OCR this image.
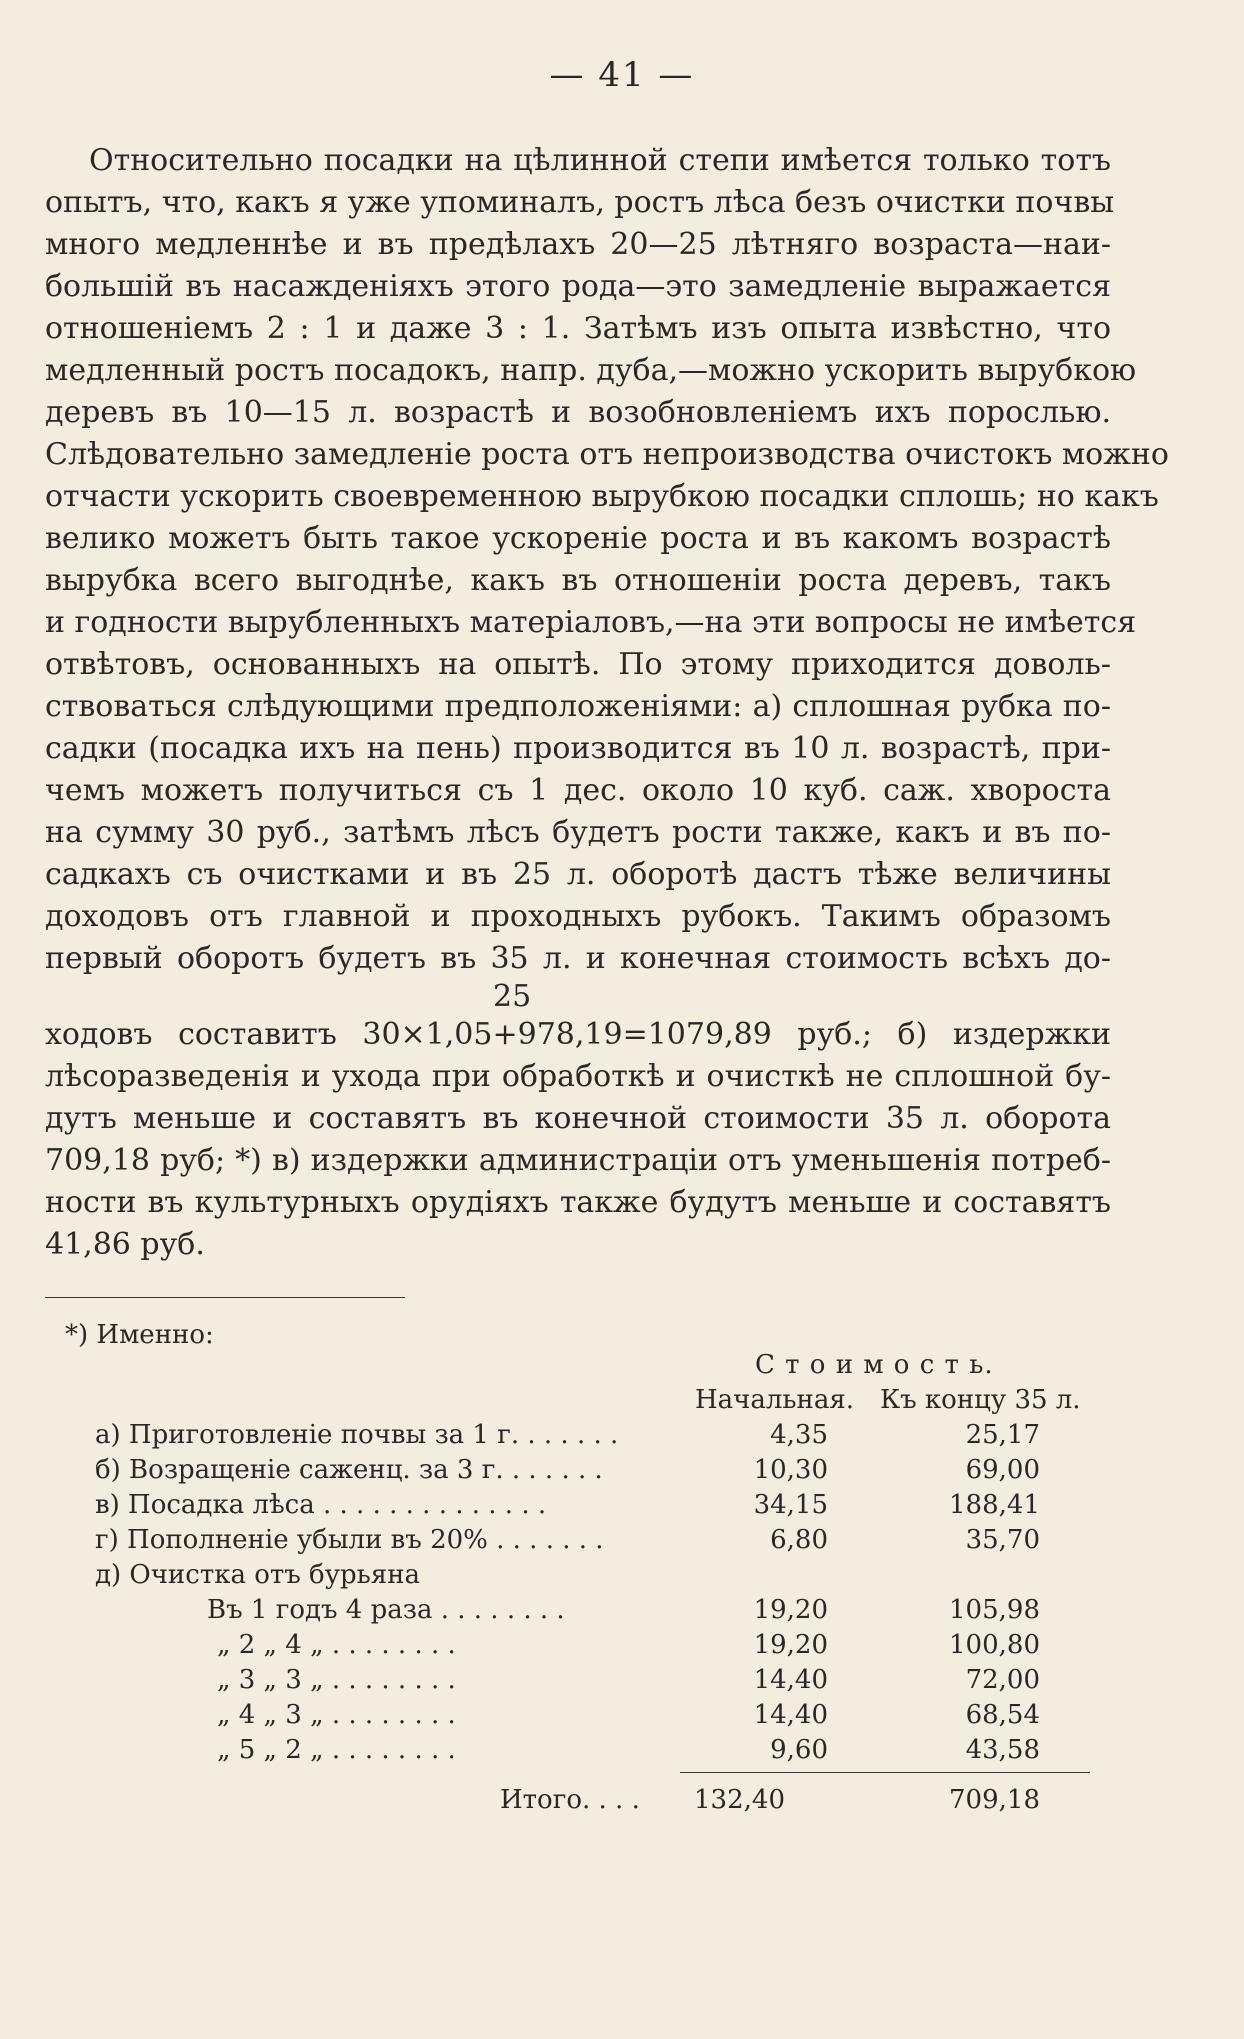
— 41 —
Относительно посадки на цѣлинной степи имѣется только тотъ
опытъ, что, какъ я уже упоминалъ, ростъ лѣса безъ очистки почвы
много медленнѣе и въ предѣлахъ 20—25 лѣтняго возраста—наи-
большій въ насажденіяхъ этого рода—это замедленіе выражается
отношеніемъ 2 : 1 и даже 3 : 1. Затѣмъ изъ опыта извѣстно, что
медленный ростъ посадокъ, напр. дуба,—можно ускорить вырубкою
деревъ въ 10—15 л. возрастѣ и возобновленіемъ ихъ порослью.
Слѣдовательно замедленіе роста отъ непроизводства очистокъ можно
отчасти ускорить своевременною вырубкою посадки сплошь; но какъ
велико можетъ быть такое ускореніе роста и въ какомъ возрастѣ
вырубка всего выгоднѣе, какъ въ отношеніи роста деревъ, такъ
и годности вырубленныхъ матеріаловъ,—на эти вопросы не имѣется
отвѣтовъ, основанныхъ на опытѣ. По этому приходится доволь-
ствоваться слѣдующими предположеніями: а) сплошная рубка по-
садки (посадка ихъ на пень) производится въ 10 л. возрастѣ, при-
чемъ можетъ получиться съ 1 дес. около 10 куб. саж. хвороста
на сумму 30 руб., затѣмъ лѣсъ будетъ рости также, какъ и въ по-
садкахъ съ очистками и въ 25 л. оборотѣ дастъ тѣже величины
доходовъ отъ главной и проходныхъ рубокъ. Такимъ образомъ
первый оборотъ будетъ въ 35 л. и конечная стоимость всѣхъ до-
25
ходовъ составитъ 30×1,05+978,19=1079,89 руб.; б) издержки
лѣсоразведенія и ухода при обработкѣ и очисткѣ не сплошной бу-
дутъ меньше и составятъ въ конечной стоимости 35 л. оборота
709,18 руб; *) в) издержки администраціи отъ уменьшенія потреб-
ности въ культурныхъ орудіяхъ также будутъ меньше и составятъ
41,86 руб.
*) Именно:
С т о и м о с т ь.
Начальная. Къ концу 35 л.
а) Приготовленіе почвы за 1 г. . . . . . .	4,35	25,17
б) Возращеніе саженц. за 3 г. . . . . . .	10,30	69,00
в) Посадка лѣса . . . . . . . . . . . . . .	34,15	188,41
г) Пополненіе убыли въ 20% . . . . . . .	6,80	35,70
д) Очистка отъ бурьяна
Въ 1 годъ 4 раза . . . . . . . .	19,20	105,98
„ 2 „ 4 „ . . . . . . . .	19,20	100,80
„ 3 „ 3 „ . . . . . . . .	14,40	72,00
„ 4 „ 3 „ . . . . . . . .	14,40	68,54
„ 5 „ 2 „ . . . . . . . .	9,60	43,58
Итого. . . .	132,40	709,18
